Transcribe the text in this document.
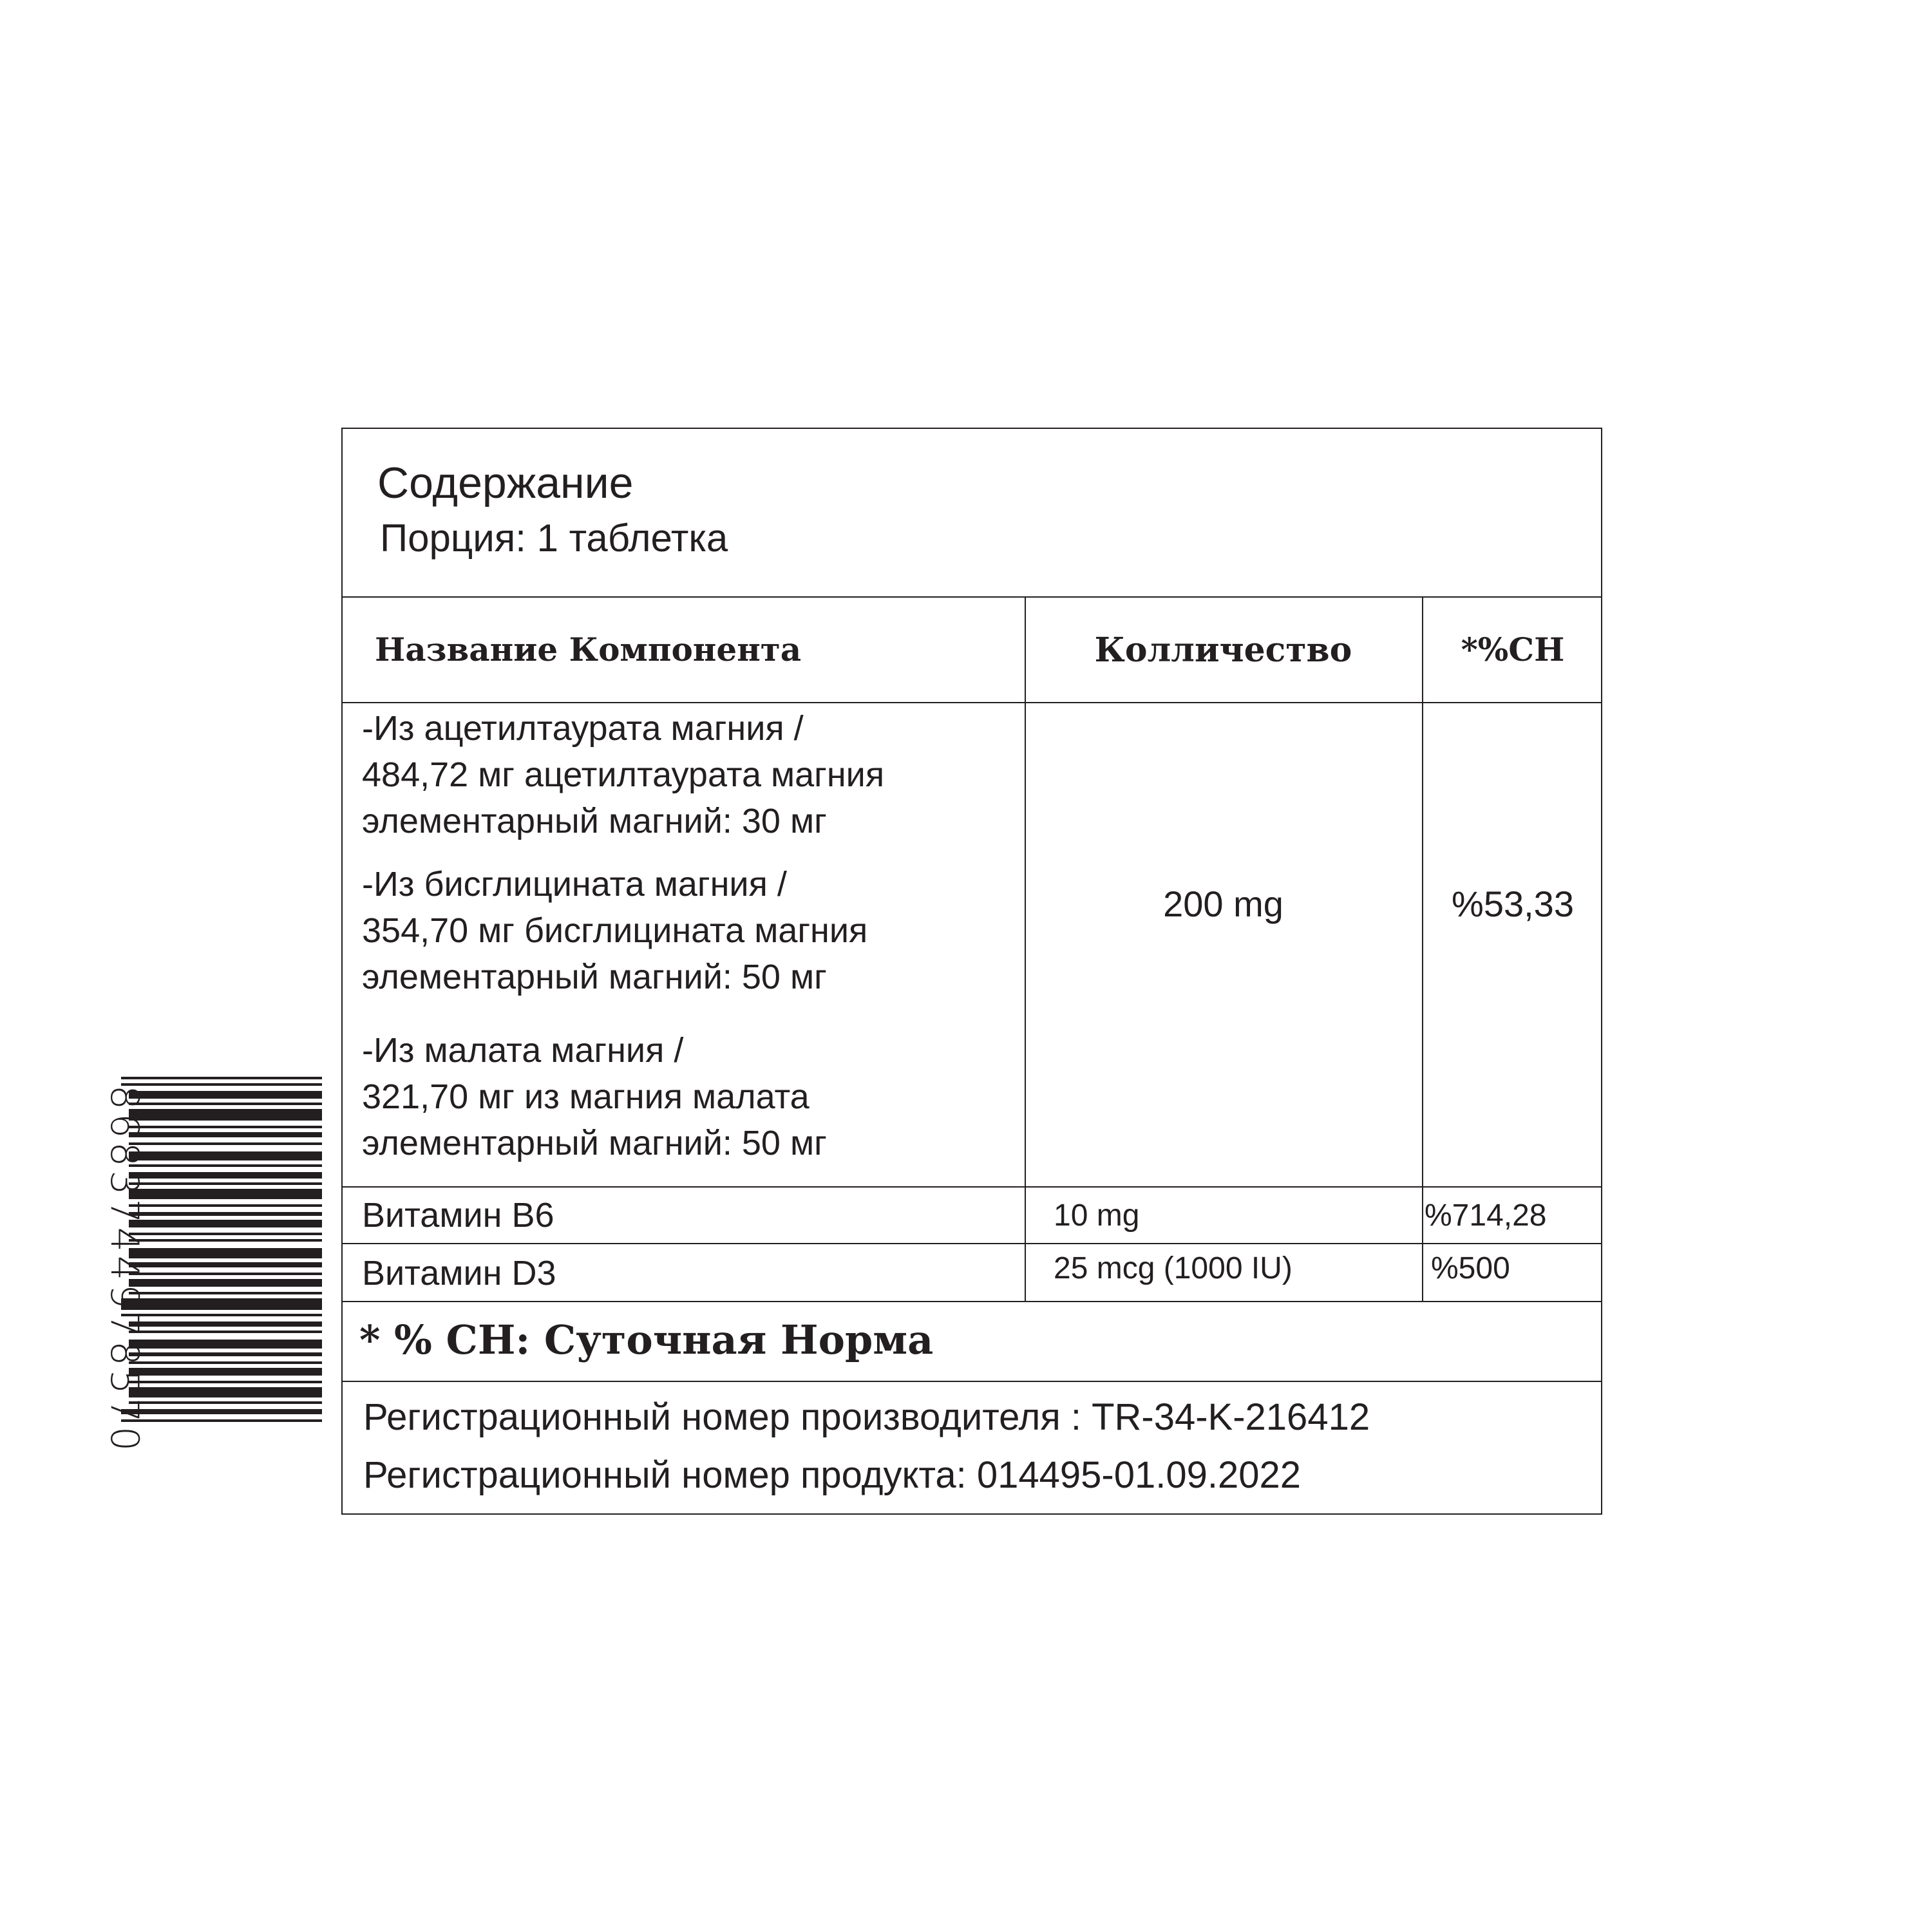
8683744978570
Содержание
Порция: 1 таблетка
Название Компонента	Колличество	*%СН
-Из ацетилтаурата магния /
484,72 мг ацетилтаурата магния
элементарный магний: 30 мг
-Из бисглицината магния /
354,70 мг бисглицината магния
элементарный магний: 50 мг
-Из малата магния /
321,70 мг из магния малата
элементарный магний: 50 мг
200 mg	%53,33
Витамин B6	10 mg	%714,28
Витамин D3	25 mcg (1000 IU)	%500
* % СН: Суточная Норма
Регистрационный номер производителя : TR-34-K-216412
Регистрационный номер продукта: 014495-01.09.2022
